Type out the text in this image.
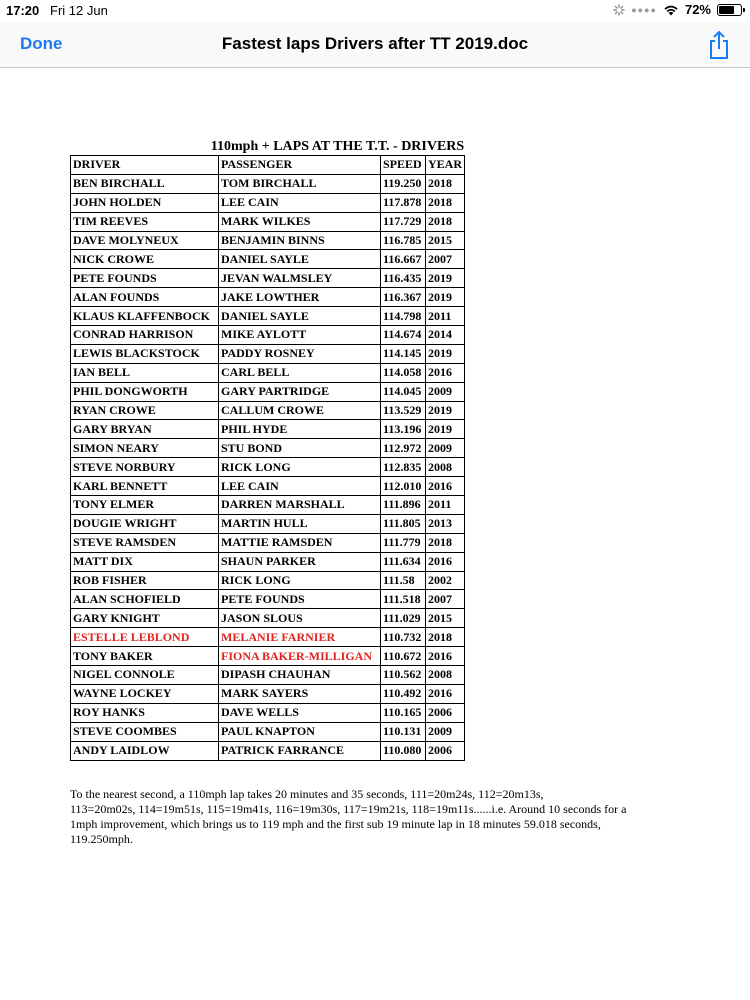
17:20 Fri 12 Jun	●●●● 72%
Done	Fastest laps Drivers after TT 2019.doc
110mph + LAPS AT THE T.T. - DRIVERS
DRIVER	PASSENGER	SPEED	YEAR
BEN BIRCHALL	TOM BIRCHALL	119.250	2018
JOHN HOLDEN	LEE CAIN	117.878	2018
TIM REEVES	MARK WILKES	117.729	2018
DAVE MOLYNEUX	BENJAMIN BINNS	116.785	2015
NICK CROWE	DANIEL SAYLE	116.667	2007
PETE FOUNDS	JEVAN WALMSLEY	116.435	2019
ALAN FOUNDS	JAKE LOWTHER	116.367	2019
KLAUS KLAFFENBOCK	DANIEL SAYLE	114.798	2011
CONRAD HARRISON	MIKE AYLOTT	114.674	2014
LEWIS BLACKSTOCK	PADDY ROSNEY	114.145	2019
IAN BELL	CARL BELL	114.058	2016
PHIL DONGWORTH	GARY PARTRIDGE	114.045	2009
RYAN CROWE	CALLUM CROWE	113.529	2019
GARY BRYAN	PHIL HYDE	113.196	2019
SIMON NEARY	STU BOND	112.972	2009
STEVE NORBURY	RICK LONG	112.835	2008
KARL BENNETT	LEE CAIN	112.010	2016
TONY ELMER	DARREN MARSHALL	111.896	2011
DOUGIE WRIGHT	MARTIN HULL	111.805	2013
STEVE RAMSDEN	MATTIE RAMSDEN	111.779	2018
MATT DIX	SHAUN PARKER	111.634	2016
ROB FISHER	RICK LONG	111.58	2002
ALAN SCHOFIELD	PETE FOUNDS	111.518	2007
GARY KNIGHT	JASON SLOUS	111.029	2015
ESTELLE LEBLOND	MELANIE FARNIER	110.732	2018
TONY BAKER	FIONA BAKER-MILLIGAN	110.672	2016
NIGEL CONNOLE	DIPASH CHAUHAN	110.562	2008
WAYNE LOCKEY	MARK SAYERS	110.492	2016
ROY HANKS	DAVE WELLS	110.165	2006
STEVE COOMBES	PAUL KNAPTON	110.131	2009
ANDY LAIDLOW	PATRICK FARRANCE	110.080	2006
To the nearest second, a 110mph lap takes 20 minutes and 35 seconds, 111=20m24s, 112=20m13s,
113=20m02s, 114=19m51s, 115=19m41s, 116=19m30s, 117=19m21s, 118=19m11s......i.e. Around 10 seconds for a
1mph improvement, which brings us to 119 mph and the first sub 19 minute lap in 18 minutes 59.018 seconds,
119.250mph.
